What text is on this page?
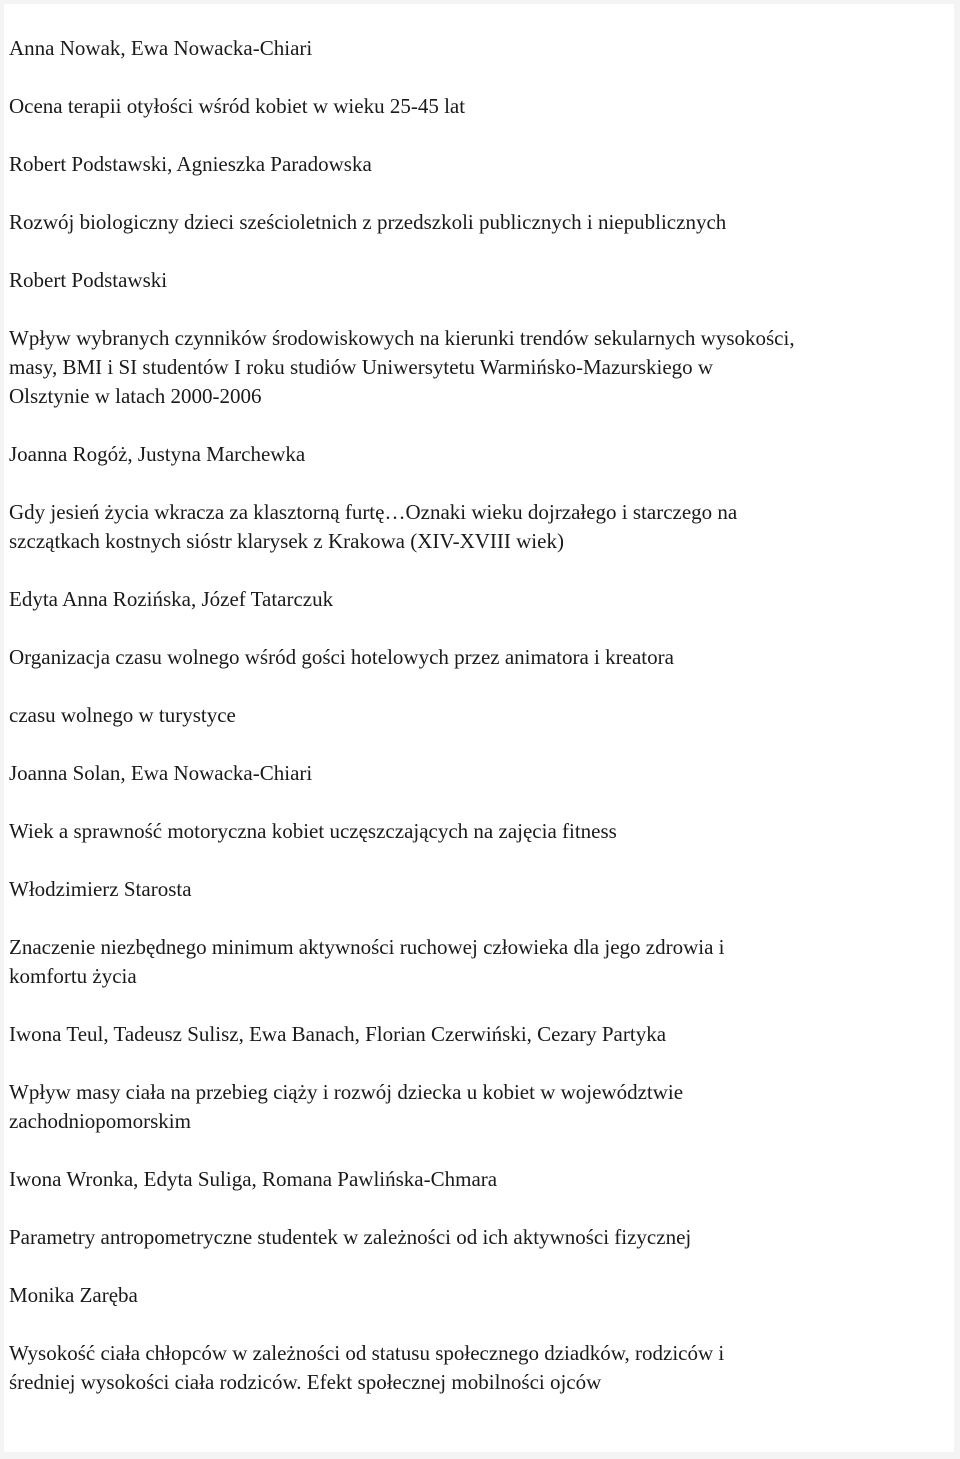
Anna Nowak, Ewa Nowacka-Chiari

Ocena terapii otyłości wśród kobiet w wieku 25-45 lat

Robert Podstawski, Agnieszka Paradowska

Rozwój biologiczny dzieci sześcioletnich z przedszkoli publicznych i niepublicznych

Robert Podstawski

Wpływ wybranych czynników środowiskowych na kierunki trendów sekularnych wysokości,

masy, BMI i SI studentów I roku studiów Uniwersytetu Warmińsko-Mazurskiego w

Olsztynie w latach 2000-2006

Joanna Rogóż, Justyna Marchewka

Gdy jesień życia wkracza za klasztorną furtę…Oznaki wieku dojrzałego i starczego na

szczątkach kostnych sióstr klarysek z Krakowa (XIV-XVIII wiek)

Edyta Anna Rozińska, Józef Tatarczuk

Organizacja czasu wolnego wśród gości hotelowych przez animatora i kreatora

czasu wolnego w turystyce

Joanna Solan, Ewa Nowacka-Chiari

Wiek a sprawność motoryczna kobiet uczęszczających na zajęcia fitness

Włodzimierz Starosta

Znaczenie niezbędnego minimum aktywności ruchowej człowieka dla jego zdrowia i

komfortu życia

Iwona Teul, Tadeusz Sulisz, Ewa Banach, Florian Czerwiński, Cezary Partyka

Wpływ masy ciała na przebieg ciąży i rozwój dziecka u kobiet w województwie

zachodniopomorskim

Iwona Wronka, Edyta Suliga, Romana Pawlińska-Chmara

Parametry antropometryczne studentek w zależności od ich aktywności fizycznej

Monika Zaręba

Wysokość ciała chłopców w zależności od statusu społecznego dziadków, rodziców i

średniej wysokości ciała rodziców. Efekt społecznej mobilności ojców
